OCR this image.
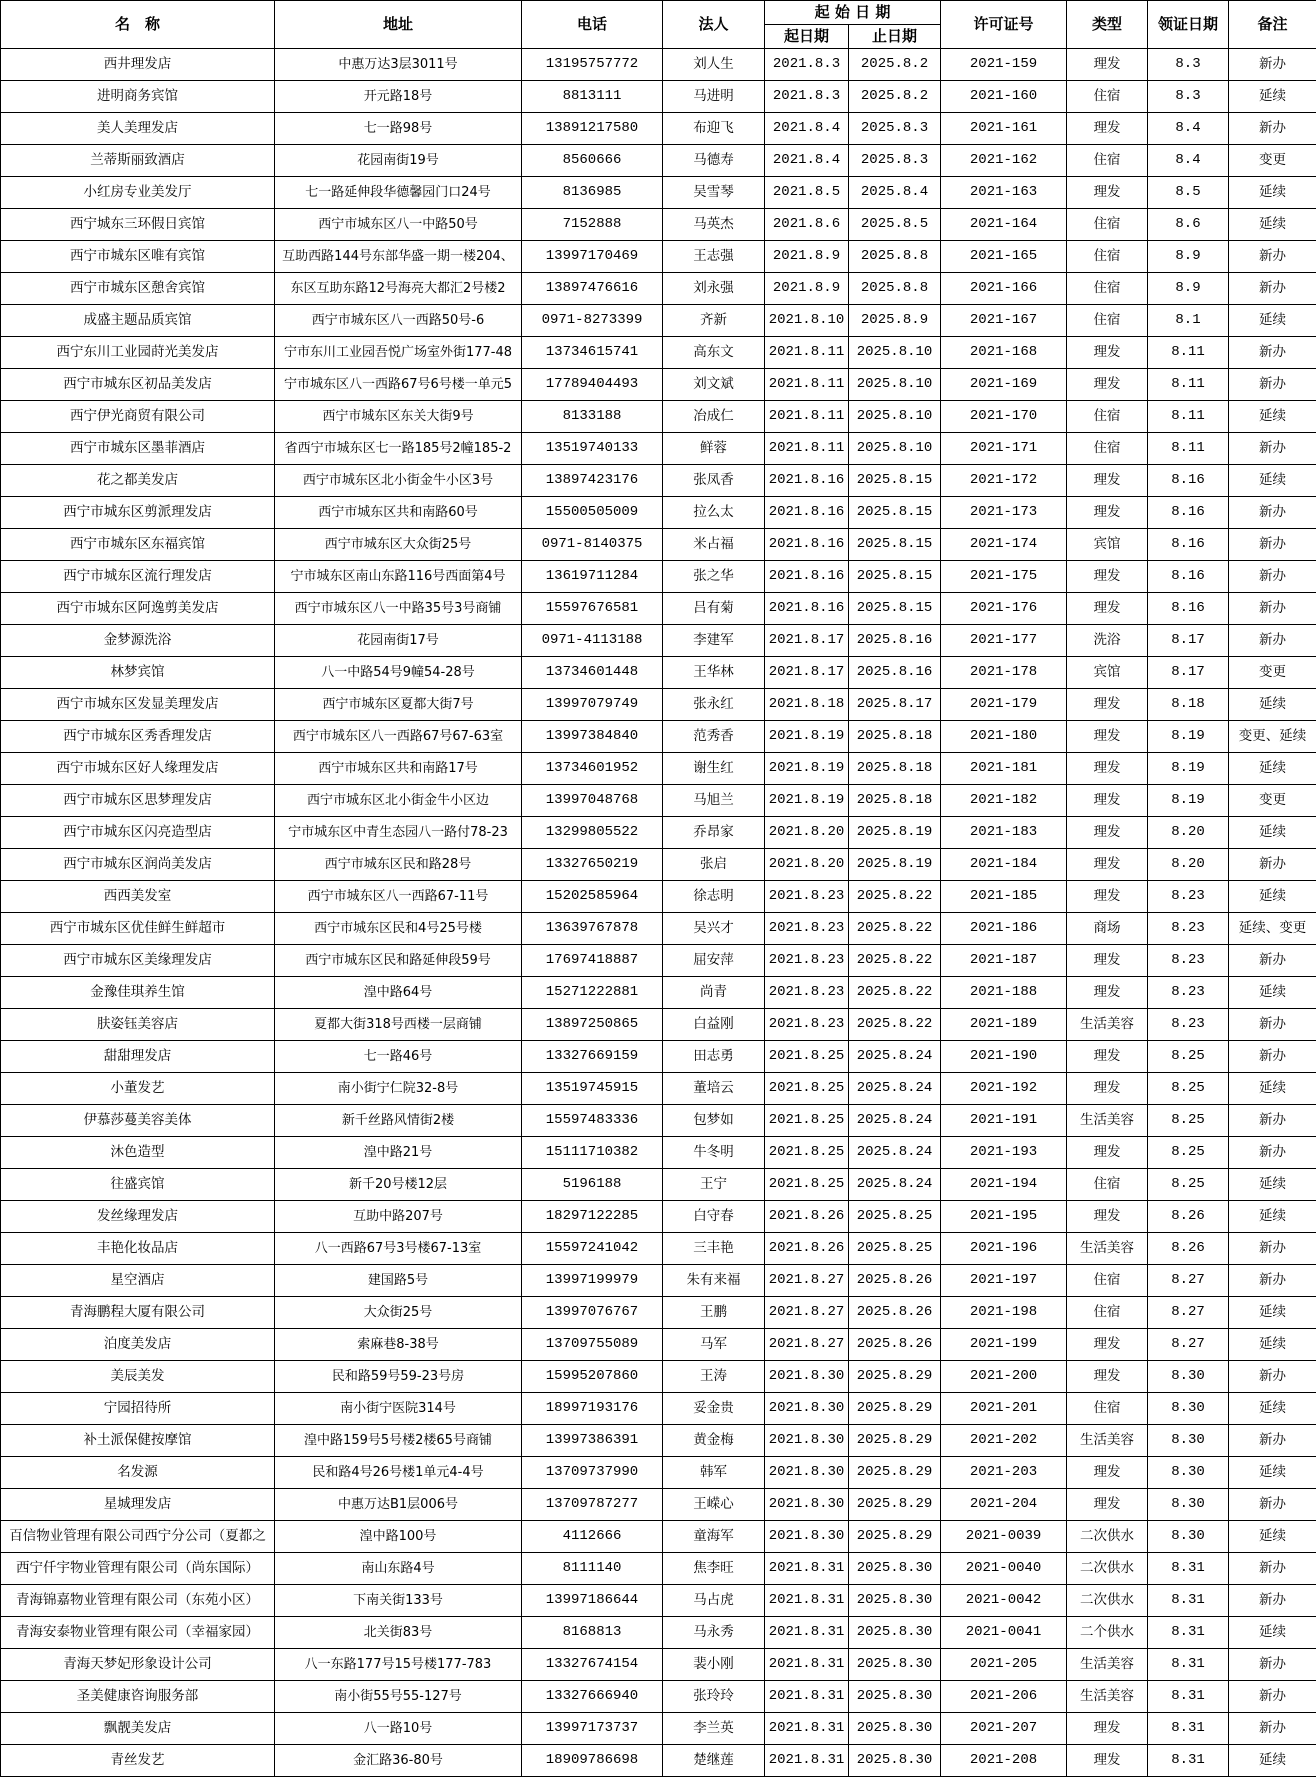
名　称	地址	电话	法人	起 始 日 期		许可证号	类型	领证日期	备注
				起日期	止日期				
西井理发店	中惠万达3层3011号	13195757772	刘人生	2021.8.3	2025.8.2	2021-159	理发	8.3	新办
进明商务宾馆	开元路18号	8813111	马进明	2021.8.3	2025.8.2	2021-160	住宿	8.3	延续
美人美理发店	七一路98号	13891217580	布迎飞	2021.8.4	2025.8.3	2021-161	理发	8.4	新办
兰蒂斯丽致酒店	花园南街19号	8560666	马德寿	2021.8.4	2025.8.3	2021-162	住宿	8.4	变更
小红房专业美发厅	七一路延伸段华德馨园门口24号	8136985	吴雪琴	2021.8.5	2025.8.4	2021-163	理发	8.5	延续
西宁城东三环假日宾馆	西宁市城东区八一中路50号	7152888	马英杰	2021.8.6	2025.8.5	2021-164	住宿	8.6	延续
西宁市城东区唯有宾馆	互助西路144号东部华盛一期一楼204、	13997170469	王志强	2021.8.9	2025.8.8	2021-165	住宿	8.9	新办
西宁市城东区憩舍宾馆	东区互助东路12号海亮大都汇2号楼2	13897476616	刘永强	2021.8.9	2025.8.8	2021-166	住宿	8.9	新办
成盛主题品质宾馆	西宁市城东区八一西路50号-6	0971-8273399	齐新	2021.8.10	2025.8.9	2021-167	住宿	8.1	延续
西宁东川工业园莳光美发店	宁市东川工业园吾悦广场室外街177-48	13734615741	高东文	2021.8.11	2025.8.10	2021-168	理发	8.11	新办
西宁市城东区初品美发店	宁市城东区八一西路67号6号楼一单元5	17789404493	刘文斌	2021.8.11	2025.8.10	2021-169	理发	8.11	新办
西宁伊光商贸有限公司	西宁市城东区东关大街9号	8133188	冶成仁	2021.8.11	2025.8.10	2021-170	住宿	8.11	延续
西宁市城东区墨菲酒店	省西宁市城东区七一路185号2幢185-2	13519740133	鲜蓉	2021.8.11	2025.8.10	2021-171	住宿	8.11	新办
花之都美发店	西宁市城东区北小街金牛小区3号	13897423176	张凤香	2021.8.16	2025.8.15	2021-172	理发	8.16	延续
西宁市城东区剪派理发店	西宁市城东区共和南路60号	15500505009	拉么太	2021.8.16	2025.8.15	2021-173	理发	8.16	新办
西宁市城东区东福宾馆	西宁市城东区大众街25号	0971-8140375	米占福	2021.8.16	2025.8.15	2021-174	宾馆	8.16	新办
西宁市城东区流行理发店	宁市城东区南山东路116号西面第4号	13619711284	张之华	2021.8.16	2025.8.15	2021-175	理发	8.16	新办
西宁市城东区阿逸剪美发店	西宁市城东区八一中路35号3号商铺	15597676581	吕有菊	2021.8.16	2025.8.15	2021-176	理发	8.16	新办
金梦源洗浴	花园南街17号	0971-4113188	李建军	2021.8.17	2025.8.16	2021-177	洗浴	8.17	新办
林梦宾馆	八一中路54号9幢54-28号	13734601448	王华林	2021.8.17	2025.8.16	2021-178	宾馆	8.17	变更
西宁市城东区发显美理发店	西宁市城东区夏都大街7号	13997079749	张永红	2021.8.18	2025.8.17	2021-179	理发	8.18	延续
西宁市城东区秀香理发店	西宁市城东区八一西路67号67-63室	13997384840	范秀香	2021.8.19	2025.8.18	2021-180	理发	8.19	变更、延续
西宁市城东区好人缘理发店	西宁市城东区共和南路17号	13734601952	谢生红	2021.8.19	2025.8.18	2021-181	理发	8.19	延续
西宁市城东区思梦理发店	西宁市城东区北小街金牛小区边	13997048768	马旭兰	2021.8.19	2025.8.18	2021-182	理发	8.19	变更
西宁市城东区闪亮造型店	宁市城东区中青生态园八一路付78-23	13299805522	乔昂家	2021.8.20	2025.8.19	2021-183	理发	8.20	延续
西宁市城东区润尚美发店	西宁市城东区民和路28号	13327650219	张启	2021.8.20	2025.8.19	2021-184	理发	8.20	新办
西西美发室	西宁市城东区八一西路67-11号	15202585964	徐志明	2021.8.23	2025.8.22	2021-185	理发	8.23	延续
西宁市城东区优佳鲜生鲜超市	西宁市城东区民和4号25号楼	13639767878	吴兴才	2021.8.23	2025.8.22	2021-186	商场	8.23	延续、变更
西宁市城东区美缘理发店	西宁市城东区民和路延伸段59号	17697418887	屈安萍	2021.8.23	2025.8.22	2021-187	理发	8.23	新办
金豫佳琪养生馆	湟中路64号	15271222881	尚青	2021.8.23	2025.8.22	2021-188	理发	8.23	延续
肤姿钰美容店	夏都大街318号西楼一层商铺	13897250865	白益刚	2021.8.23	2025.8.22	2021-189	生活美容	8.23	新办
甜甜理发店	七一路46号	13327669159	田志勇	2021.8.25	2025.8.24	2021-190	理发	8.25	新办
小董发艺	南小街宁仁院32-8号	13519745915	董培云	2021.8.25	2025.8.24	2021-192	理发	8.25	延续
伊慕莎蔓美容美体	新千丝路风情街2楼	15597483336	包梦如	2021.8.25	2025.8.24	2021-191	生活美容	8.25	新办
沐色造型	湟中路21号	15111710382	牛冬明	2021.8.25	2025.8.24	2021-193	理发	8.25	新办
往盛宾馆	新千20号楼12层	5196188	王宁	2021.8.25	2025.8.24	2021-194	住宿	8.25	延续
发丝缘理发店	互助中路207号	18297122285	白守春	2021.8.26	2025.8.25	2021-195	理发	8.26	延续
丰艳化妆品店	八一西路67号3号楼67-13室	15597241042	三丰艳	2021.8.26	2025.8.25	2021-196	生活美容	8.26	新办
星空酒店	建国路5号	13997199979	朱有来福	2021.8.27	2025.8.26	2021-197	住宿	8.27	新办
青海鹏程大厦有限公司	大众街25号	13997076767	王鹏	2021.8.27	2025.8.26	2021-198	住宿	8.27	延续
泊度美发店	索麻巷8-38号	13709755089	马军	2021.8.27	2025.8.26	2021-199	理发	8.27	延续
美辰美发	民和路59号59-23号房	15995207860	王涛	2021.8.30	2025.8.29	2021-200	理发	8.30	新办
宁园招待所	南小街宁医院314号	18997193176	妥金贵	2021.8.30	2025.8.29	2021-201	住宿	8.30	延续
补土派保健按摩馆	湟中路159号5号楼2楼65号商铺	13997386391	黄金梅	2021.8.30	2025.8.29	2021-202	生活美容	8.30	新办
名发源	民和路4号26号楼1单元4-4号	13709737990	韩军	2021.8.30	2025.8.29	2021-203	理发	8.30	延续
星城理发店	中惠万达B1层006号	13709787277	王嵘心	2021.8.30	2025.8.29	2021-204	理发	8.30	新办
百信物业管理有限公司西宁分公司（夏都之	湟中路100号	4112666	童海军	2021.8.30	2025.8.29	2021-0039	二次供水	8.30	延续
西宁仟宇物业管理有限公司（尚东国际）	南山东路4号	8111140	焦李旺	2021.8.31	2025.8.30	2021-0040	二次供水	8.31	新办
青海锦嘉物业管理有限公司（东苑小区）	下南关街133号	13997186644	马占虎	2021.8.31	2025.8.30	2021-0042	二次供水	8.31	新办
青海安泰物业管理有限公司（幸福家园）	北关街83号	8168813	马永秀	2021.8.31	2025.8.30	2021-0041	二个供水	8.31	延续
青海天梦妃形象设计公司	八一东路177号15号楼177-783	13327674154	裴小刚	2021.8.31	2025.8.30	2021-205	生活美容	8.31	新办
圣美健康咨询服务部	南小街55号55-127号	13327666940	张玲玲	2021.8.31	2025.8.30	2021-206	生活美容	8.31	新办
飘靓美发店	八一路10号	13997173737	李兰英	2021.8.31	2025.8.30	2021-207	理发	8.31	新办
青丝发艺	金汇路36-80号	18909786698	楚继莲	2021.8.31	2025.8.30	2021-208	理发	8.31	延续
